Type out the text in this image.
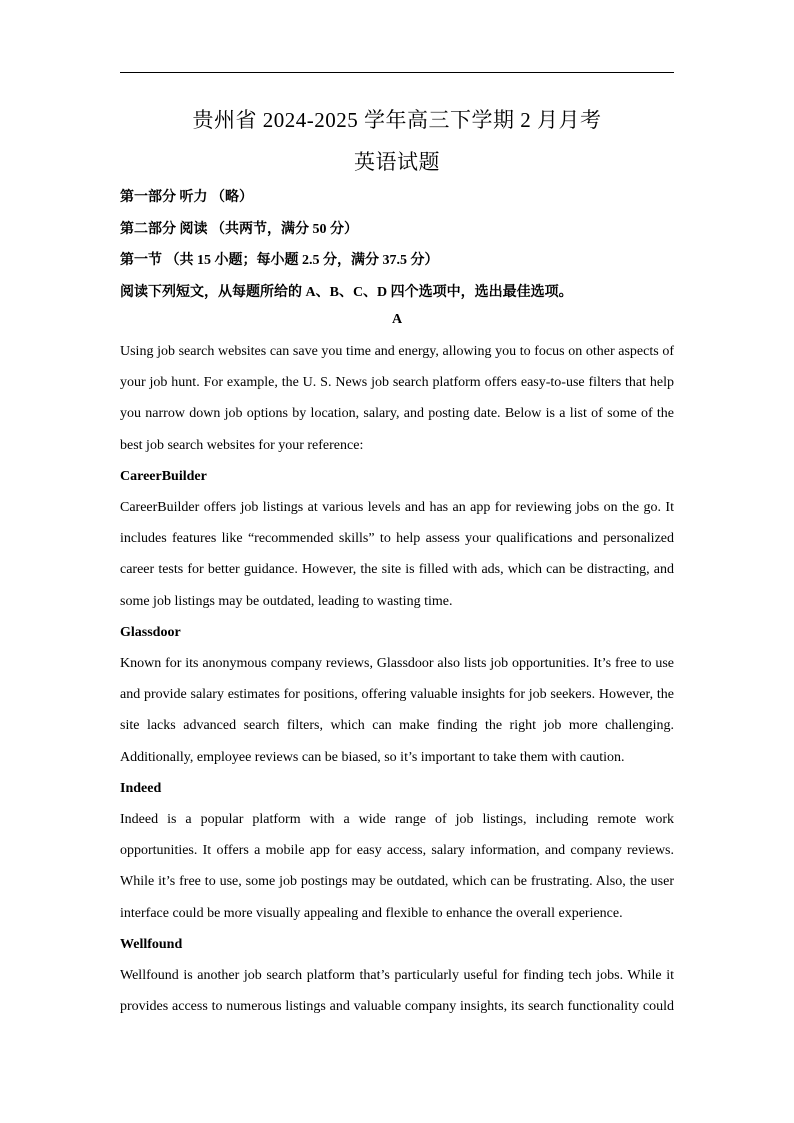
贵州省 2024-2025 学年高三下学期 2 月月考
英语试题
第一部分 听力 （略）
第二部分 阅读 （共两节，满分 50 分）
第一节 （共 15 小题；每小题 2.5 分，满分 37.5 分）
阅读下列短文，从每题所给的 A、B、C、D 四个选项中，选出最佳选项。
A

Using job search websites can save you time and energy, allowing you to focus on other aspects of your job hunt. For example, the U. S. News job search platform offers easy-to-use filters that help you narrow down job options by location, salary, and posting date. Below is a list of some of the best job search websites for your reference:

CareerBuilder

CareerBuilder offers job listings at various levels and has an app for reviewing jobs on the go. It includes features like “recommended skills” to help assess your qualifications and personalized career tests for better guidance. However, the site is filled with ads, which can be distracting, and some job listings may be outdated, leading to wasting time.

Glassdoor

Known for its anonymous company reviews, Glassdoor also lists job opportunities. It’s free to use and provide salary estimates for positions, offering valuable insights for job seekers. However, the site lacks advanced search filters, which can make finding the right job more challenging. Additionally, employee reviews can be biased, so it’s important to take them with caution.

Indeed

Indeed is a popular platform with a wide range of job listings, including remote work opportunities. It offers a mobile app for easy access, salary information, and company reviews. While it’s free to use, some job postings may be outdated, which can be frustrating. Also, the user interface could be more visually appealing and flexible to enhance the overall experience.

Wellfound

Wellfound is another job search platform that’s particularly useful for finding tech jobs. While it provides access to numerous listings and valuable company insights, its search functionality could
